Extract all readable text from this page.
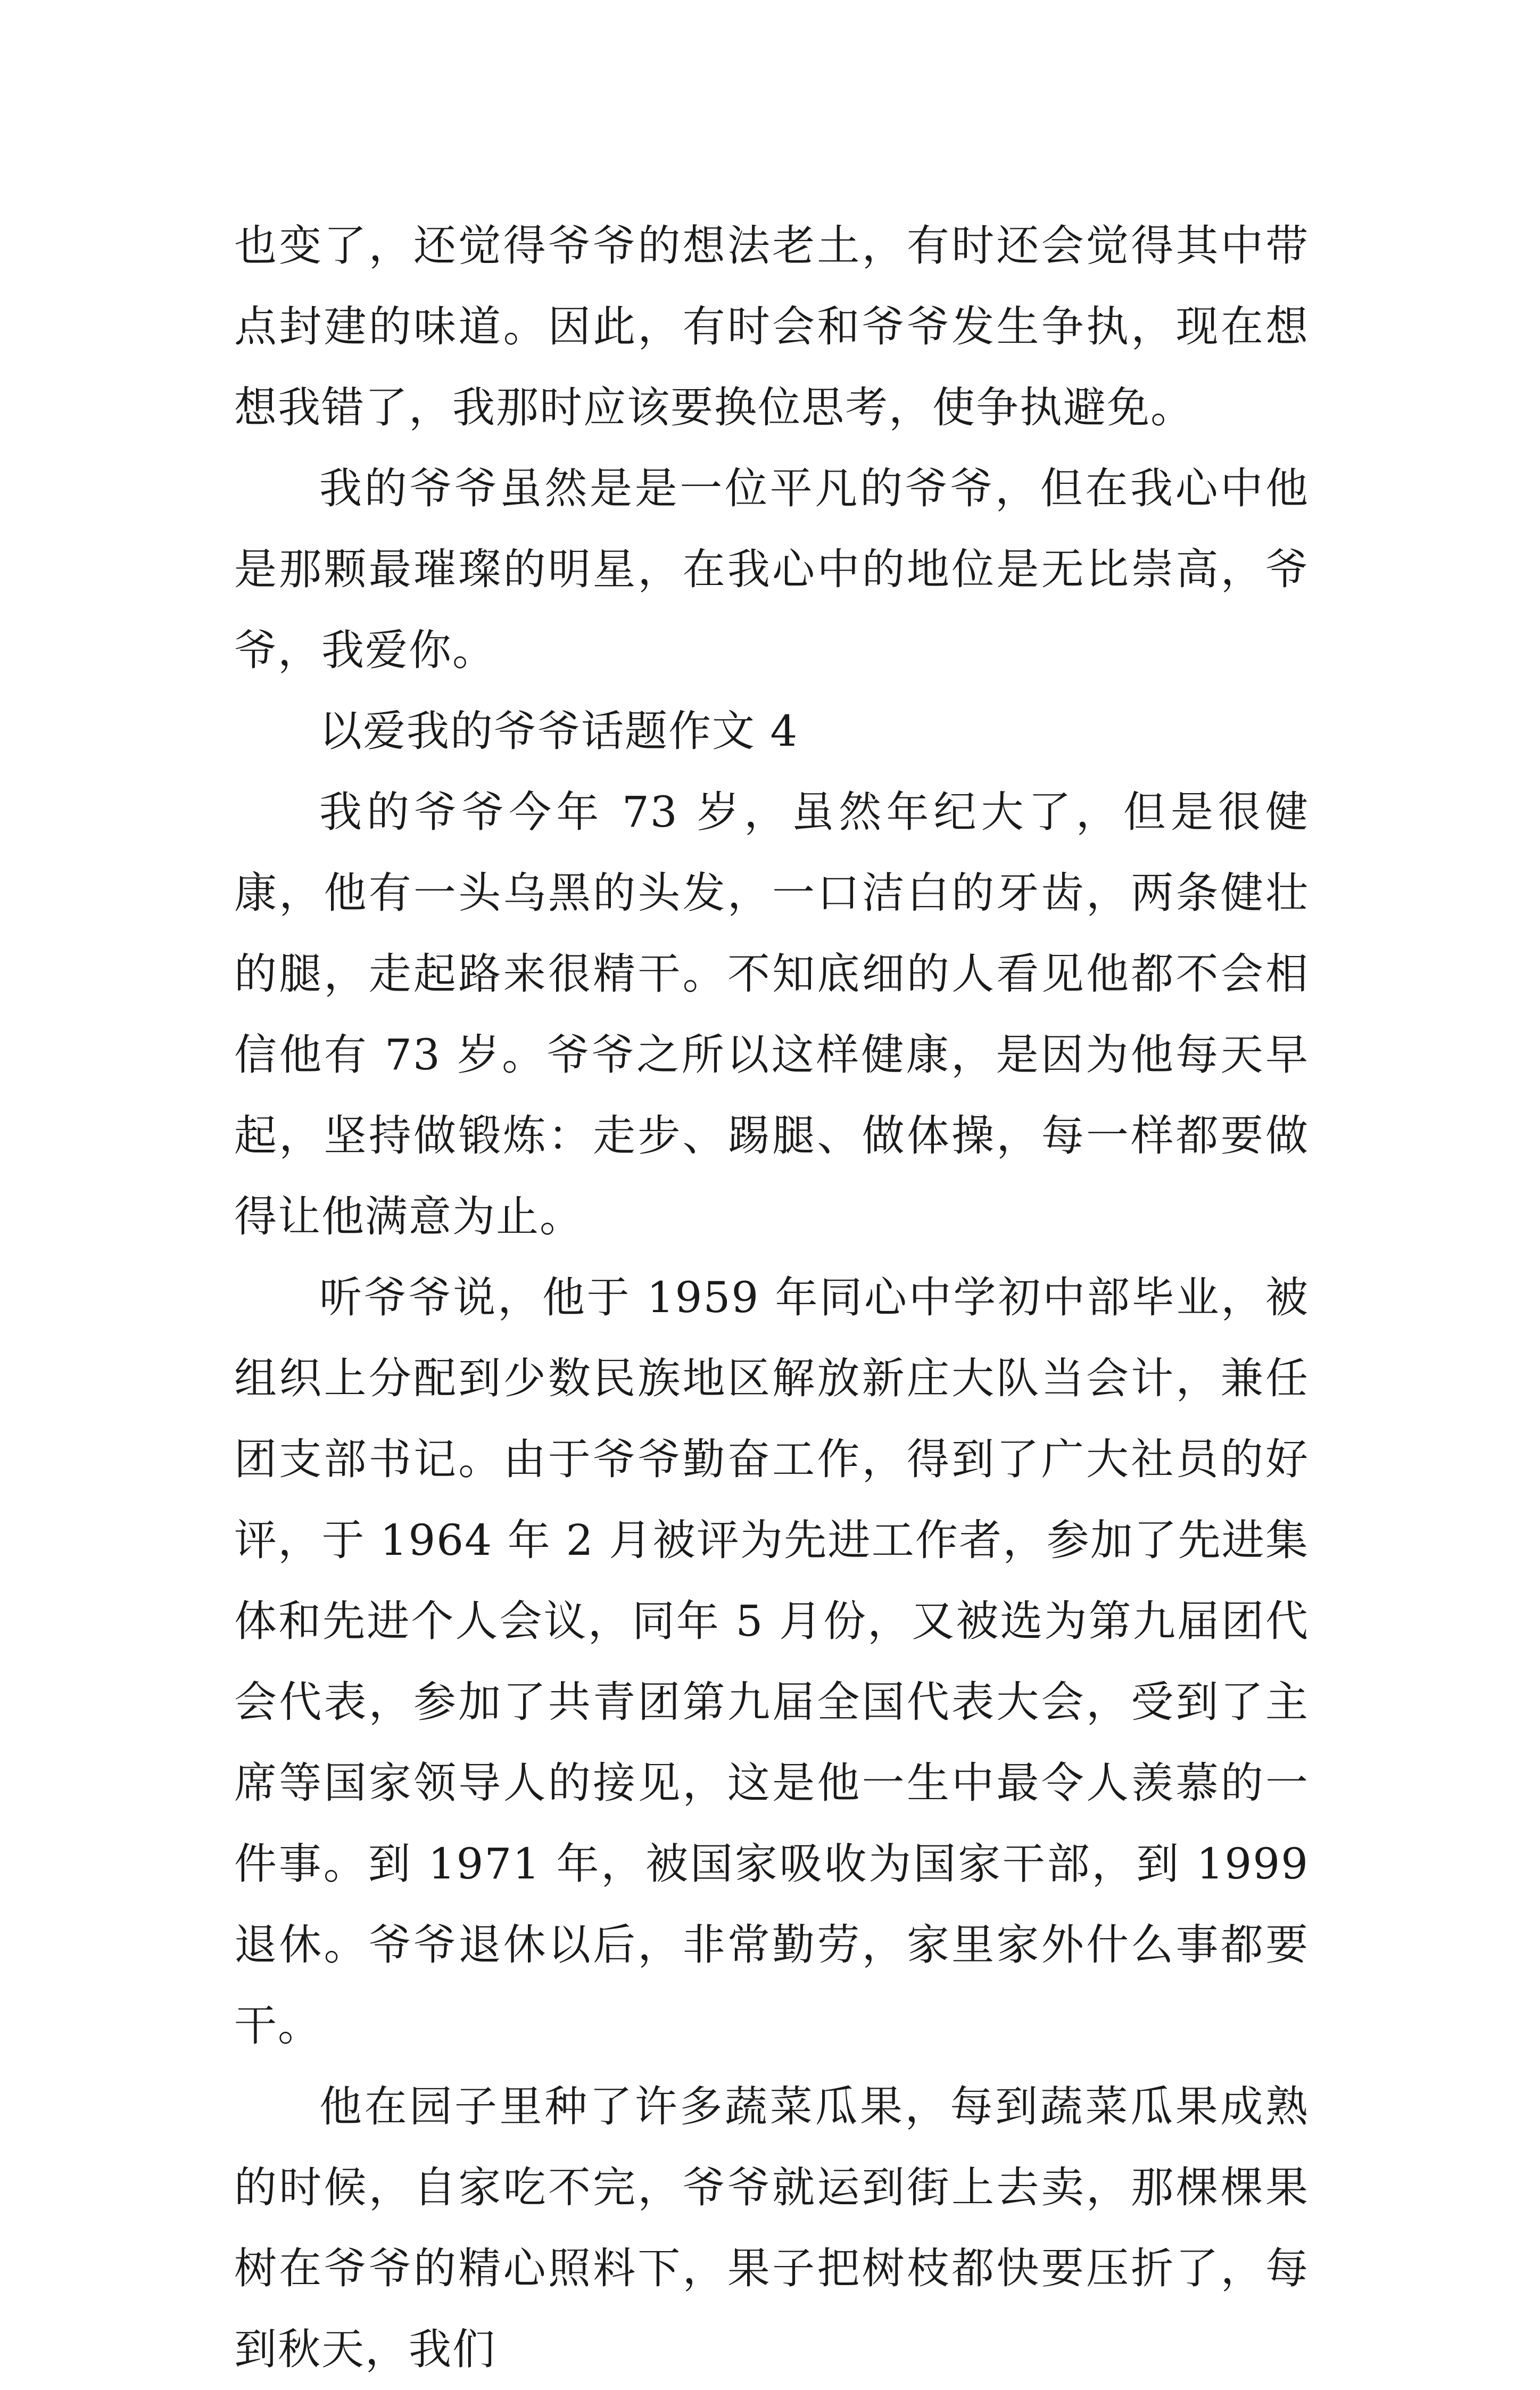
也变了，还觉得爷爷的想法老土，有时还会觉得其中带点封建的味道。因此，有时会和爷爷发生争执，现在想想我错了，我那时应该要换位思考，使争执避免。

我的爷爷虽然是是一位平凡的爷爷，但在我心中他是那颗最璀璨的明星，在我心中的地位是无比崇高，爷爷，我爱你。

以爱我的爷爷话题作文 4

我的爷爷今年 73 岁，虽然年纪大了，但是很健康，他有一头乌黑的头发，一口洁白的牙齿，两条健壮的腿，走起路来很精干。不知底细的人看见他都不会相信他有 73 岁。爷爷之所以这样健康，是因为他每天早起，坚持做锻炼：走步、踢腿、做体操，每一样都要做得让他满意为止。

听爷爷说，他于 1959 年同心中学初中部毕业，被组织上分配到少数民族地区解放新庄大队当会计，兼任团支部书记。由于爷爷勤奋工作，得到了广大社员的好评，于 1964 年 2 月被评为先进工作者，参加了先进集体和先进个人会议，同年 5 月份，又被选为第九届团代会代表，参加了共青团第九届全国代表大会，受到了主席等国家领导人的接见，这是他一生中最令人羡慕的一件事。到 1971 年，被国家吸收为国家干部，到 1999 退休。爷爷退休以后，非常勤劳，家里家外什么事都要干。

他在园子里种了许多蔬菜瓜果，每到蔬菜瓜果成熟的时候，自家吃不完，爷爷就运到街上去卖，那棵棵果树在爷爷的精心照料下，果子把树枝都快要压折了，每到秋天，我们
